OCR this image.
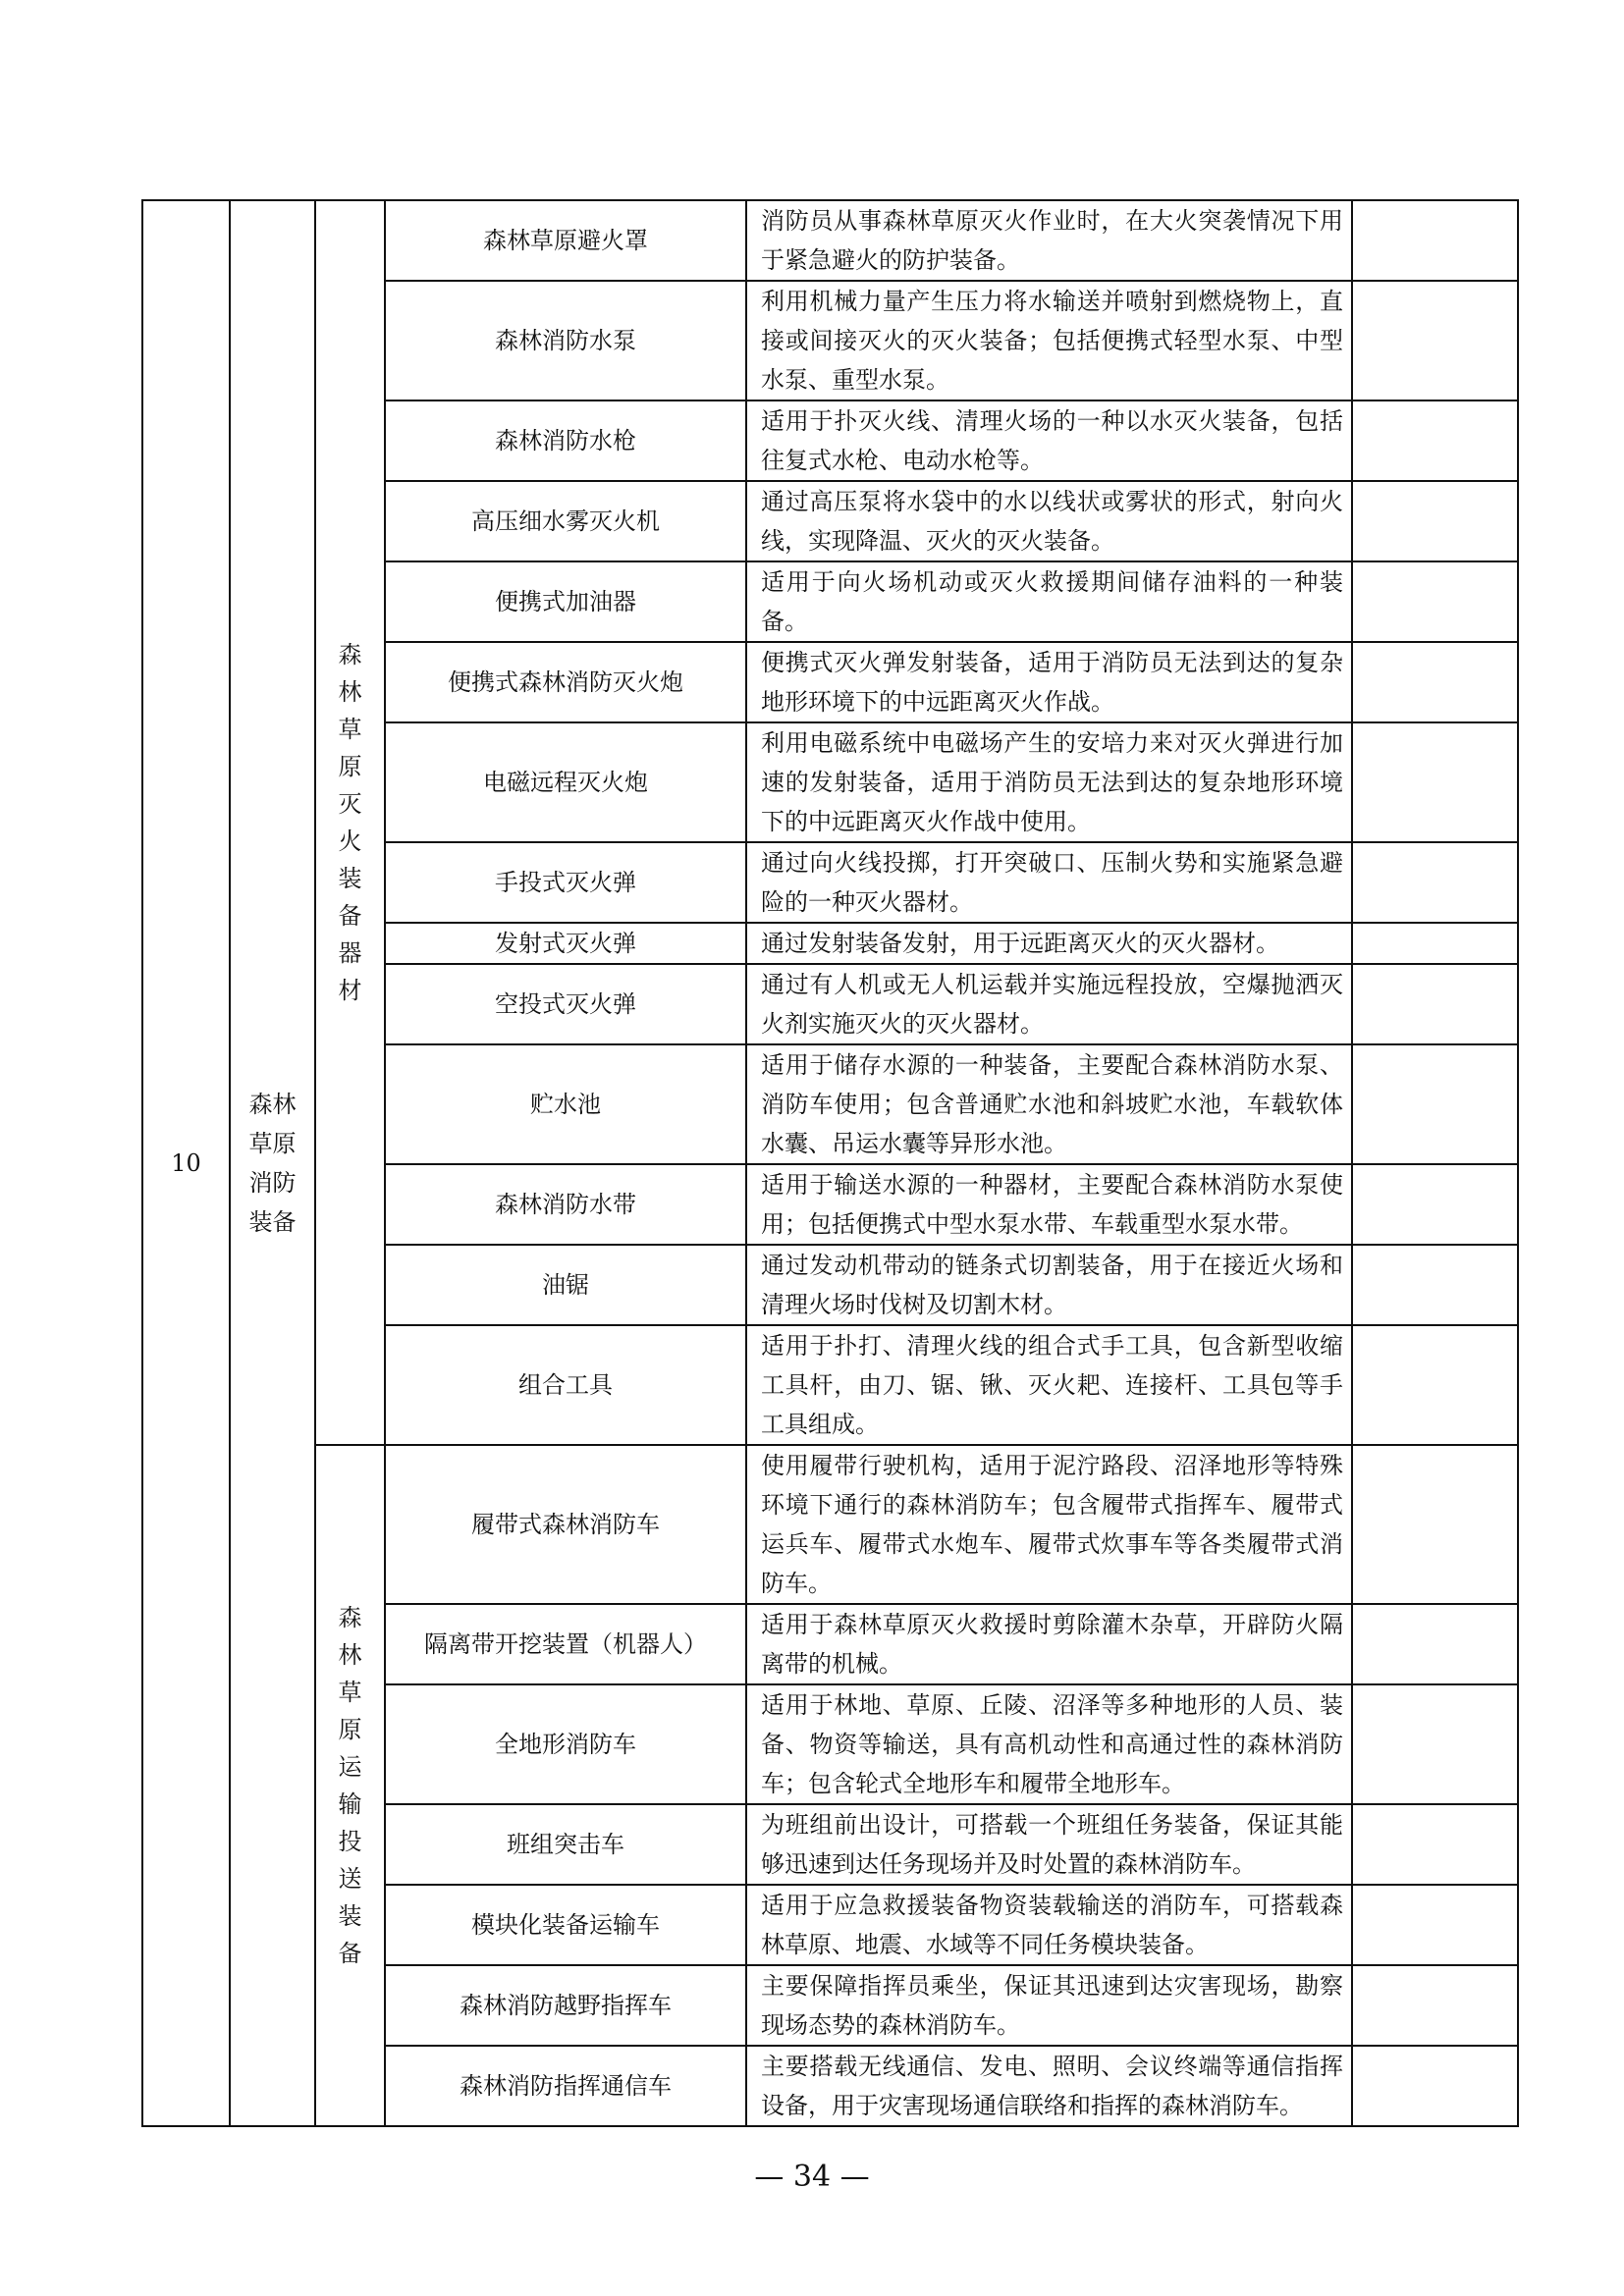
10	森林草原消防装备	森林草原灭火装备器材	森林草原避火罩	消防员从事森林草原灭火作业时，在大火突袭情况下用于紧急避火的防护装备。	
			森林消防水泵	利用机械力量产生压力将水输送并喷射到燃烧物上，直接或间接灭火的灭火装备；包括便携式轻型水泵、中型水泵、重型水泵。	
			森林消防水枪	适用于扑灭火线、清理火场的一种以水灭火装备，包括往复式水枪、电动水枪等。	
			高压细水雾灭火机	通过高压泵将水袋中的水以线状或雾状的形式，射向火线，实现降温、灭火的灭火装备。	
			便携式加油器	适用于向火场机动或灭火救援期间储存油料的一种装备。	
			便携式森林消防灭火炮	便携式灭火弹发射装备，适用于消防员无法到达的复杂地形环境下的中远距离灭火作战。	
			电磁远程灭火炮	利用电磁系统中电磁场产生的安培力来对灭火弹进行加速的发射装备，适用于消防员无法到达的复杂地形环境下的中远距离灭火作战中使用。	
			手投式灭火弹	通过向火线投掷，打开突破口、压制火势和实施紧急避险的一种灭火器材。	
			发射式灭火弹	通过发射装备发射，用于远距离灭火的灭火器材。	
			空投式灭火弹	通过有人机或无人机运载并实施远程投放，空爆抛洒灭火剂实施灭火的灭火器材。	
			贮水池	适用于储存水源的一种装备，主要配合森林消防水泵、消防车使用；包含普通贮水池和斜坡贮水池，车载软体水囊、吊运水囊等异形水池。	
			森林消防水带	适用于输送水源的一种器材，主要配合森林消防水泵使用；包括便携式中型水泵水带、车载重型水泵水带。	
			油锯	通过发动机带动的链条式切割装备，用于在接近火场和清理火场时伐树及切割木材。	
			组合工具	适用于扑打、清理火线的组合式手工具，包含新型收缩工具杆，由刀、锯、锹、灭火耙、连接杆、工具包等手工具组成。	
		森林草原运输投送装备	履带式森林消防车	使用履带行驶机构，适用于泥泞路段、沼泽地形等特殊环境下通行的森林消防车；包含履带式指挥车、履带式运兵车、履带式水炮车、履带式炊事车等各类履带式消防车。	
			隔离带开挖装置（机器人）	适用于森林草原灭火救援时剪除灌木杂草，开辟防火隔离带的机械。	
			全地形消防车	适用于林地、草原、丘陵、沼泽等多种地形的人员、装备、物资等输送，具有高机动性和高通过性的森林消防车；包含轮式全地形车和履带全地形车。	
			班组突击车	为班组前出设计，可搭载一个班组任务装备，保证其能够迅速到达任务现场并及时处置的森林消防车。	
			模块化装备运输车	适用于应急救援装备物资装载输送的消防车，可搭载森林草原、地震、水域等不同任务模块装备。	
			森林消防越野指挥车	主要保障指挥员乘坐，保证其迅速到达灾害现场，勘察现场态势的森林消防车。	
			森林消防指挥通信车	主要搭载无线通信、发电、照明、会议终端等通信指挥设备，用于灾害现场通信联络和指挥的森林消防车。	
— 34 —
